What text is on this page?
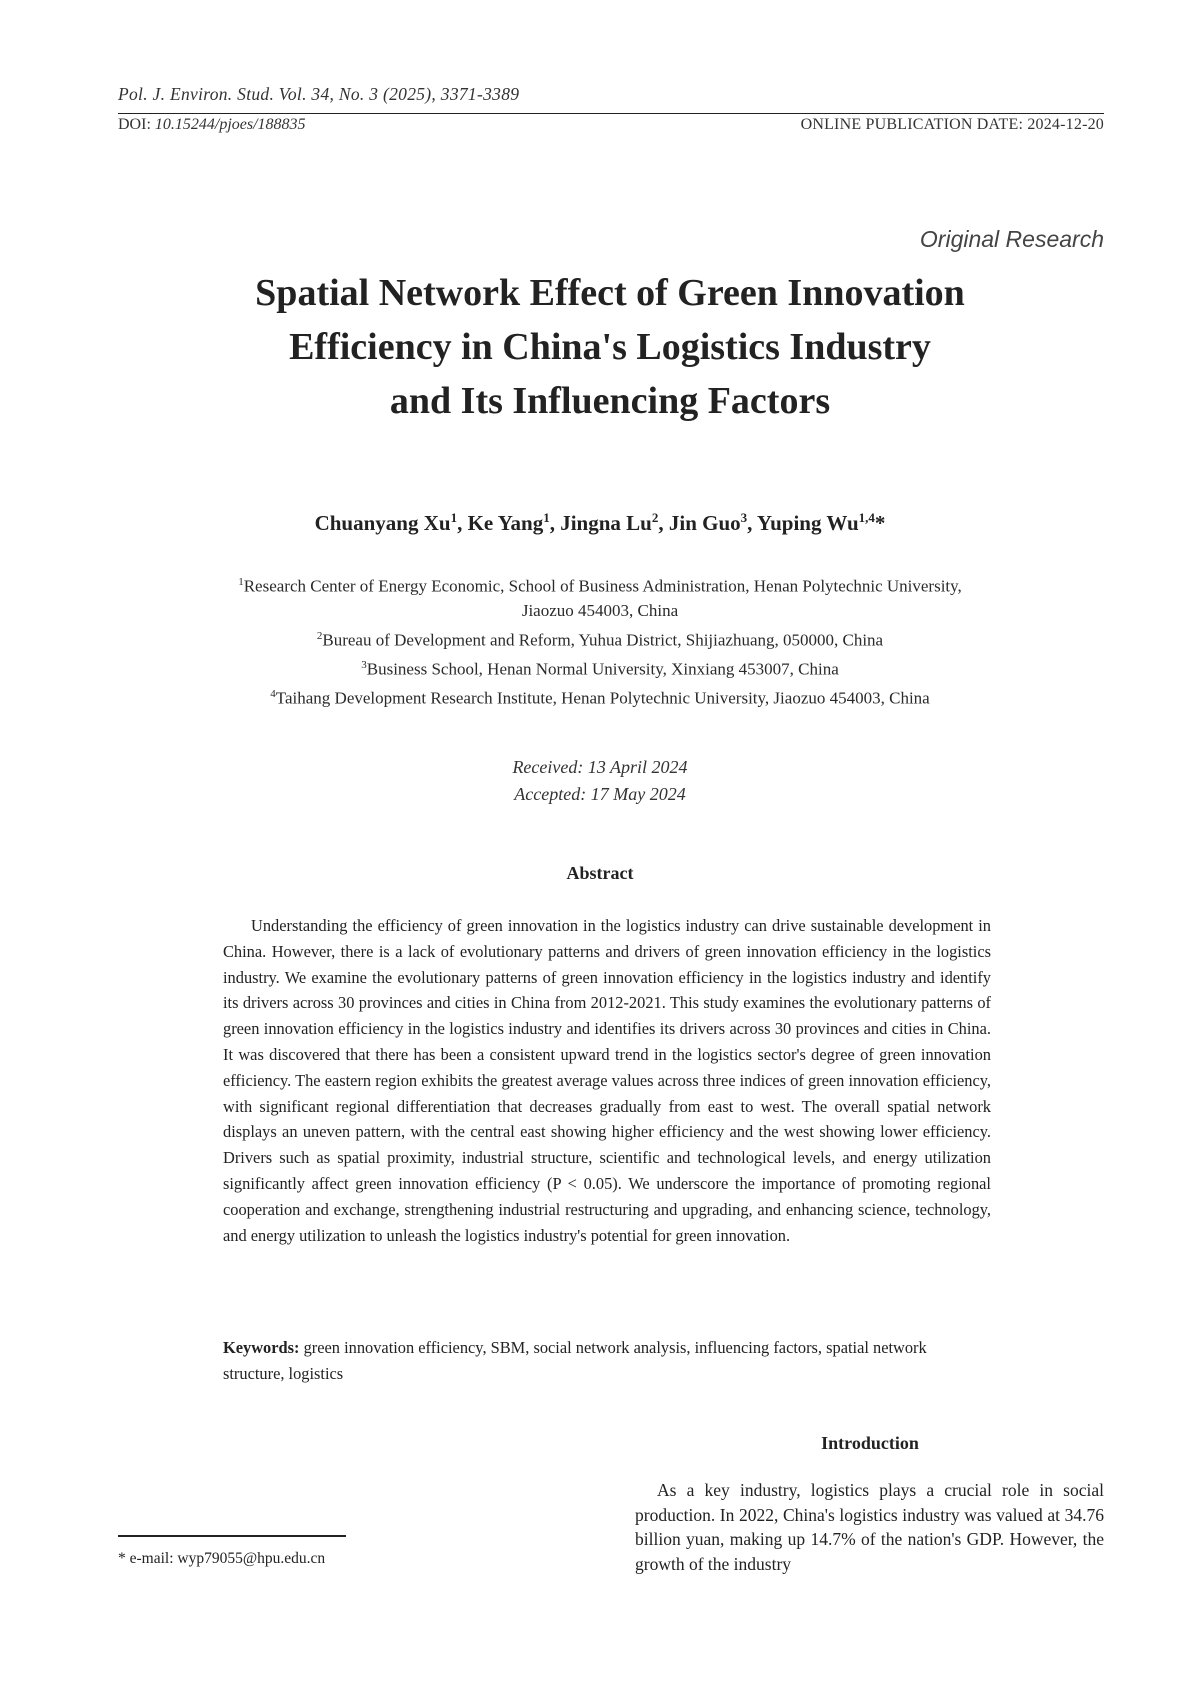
Pol. J. Environ. Stud. Vol. 34, No. 3 (2025), 3371-3389
DOI: 10.15244/pjoes/188835	ONLINE PUBLICATION DATE: 2024-12-20
Original Research
Spatial Network Effect of Green Innovation
Efficiency in China's Logistics Industry
and Its Influencing Factors
Chuanyang Xu$^1$, Ke Yang$^1$, Jingna Lu$^2$, Jin Guo$^3$, Yuping Wu$^{1,4}$*
$^1$Research Center of Energy Economic, School of Business Administration, Henan Polytechnic University,
Jiaozuo 454003, China
$^2$Bureau of Development and Reform, Yuhua District, Shijiazhuang, 050000, China
$^3$Business School, Henan Normal University, Xinxiang 453007, China
$^4$Taihang Development Research Institute, Henan Polytechnic University, Jiaozuo 454003, China
Received: 13 April 2024
Accepted: 17 May 2024
Abstract
Understanding the efficiency of green innovation in the logistics industry can drive sustainable development in China. However, there is a lack of evolutionary patterns and drivers of green innovation efficiency in the logistics industry. We examine the evolutionary patterns of green innovation efficiency in the logistics industry and identify its drivers across 30 provinces and cities in China from 2012-2021. This study examines the evolutionary patterns of green innovation efficiency in the logistics industry and identifies its drivers across 30 provinces and cities in China. It was discovered that there has been a consistent upward trend in the logistics sector's degree of green innovation efficiency. The eastern region exhibits the greatest average values across three indices of green innovation efficiency, with significant regional differentiation that decreases gradually from east to west. The overall spatial network displays an uneven pattern, with the central east showing higher efficiency and the west showing lower efficiency. Drivers such as spatial proximity, industrial structure, scientific and technological levels, and energy utilization significantly affect green innovation efficiency (P < 0.05). We underscore the importance of promoting regional cooperation and exchange, strengthening industrial restructuring and upgrading, and enhancing science, technology, and energy utilization to unleash the logistics industry's potential for green innovation.
Keywords: green innovation efficiency, SBM, social network analysis, influencing factors, spatial network structure, logistics
Introduction
As a key industry, logistics plays a crucial role in social production. In 2022, China's logistics industry was valued at 34.76 billion yuan, making up 14.7% of the nation's GDP. However, the growth of the industry
* e-mail: wyp79055@hpu.edu.cn
